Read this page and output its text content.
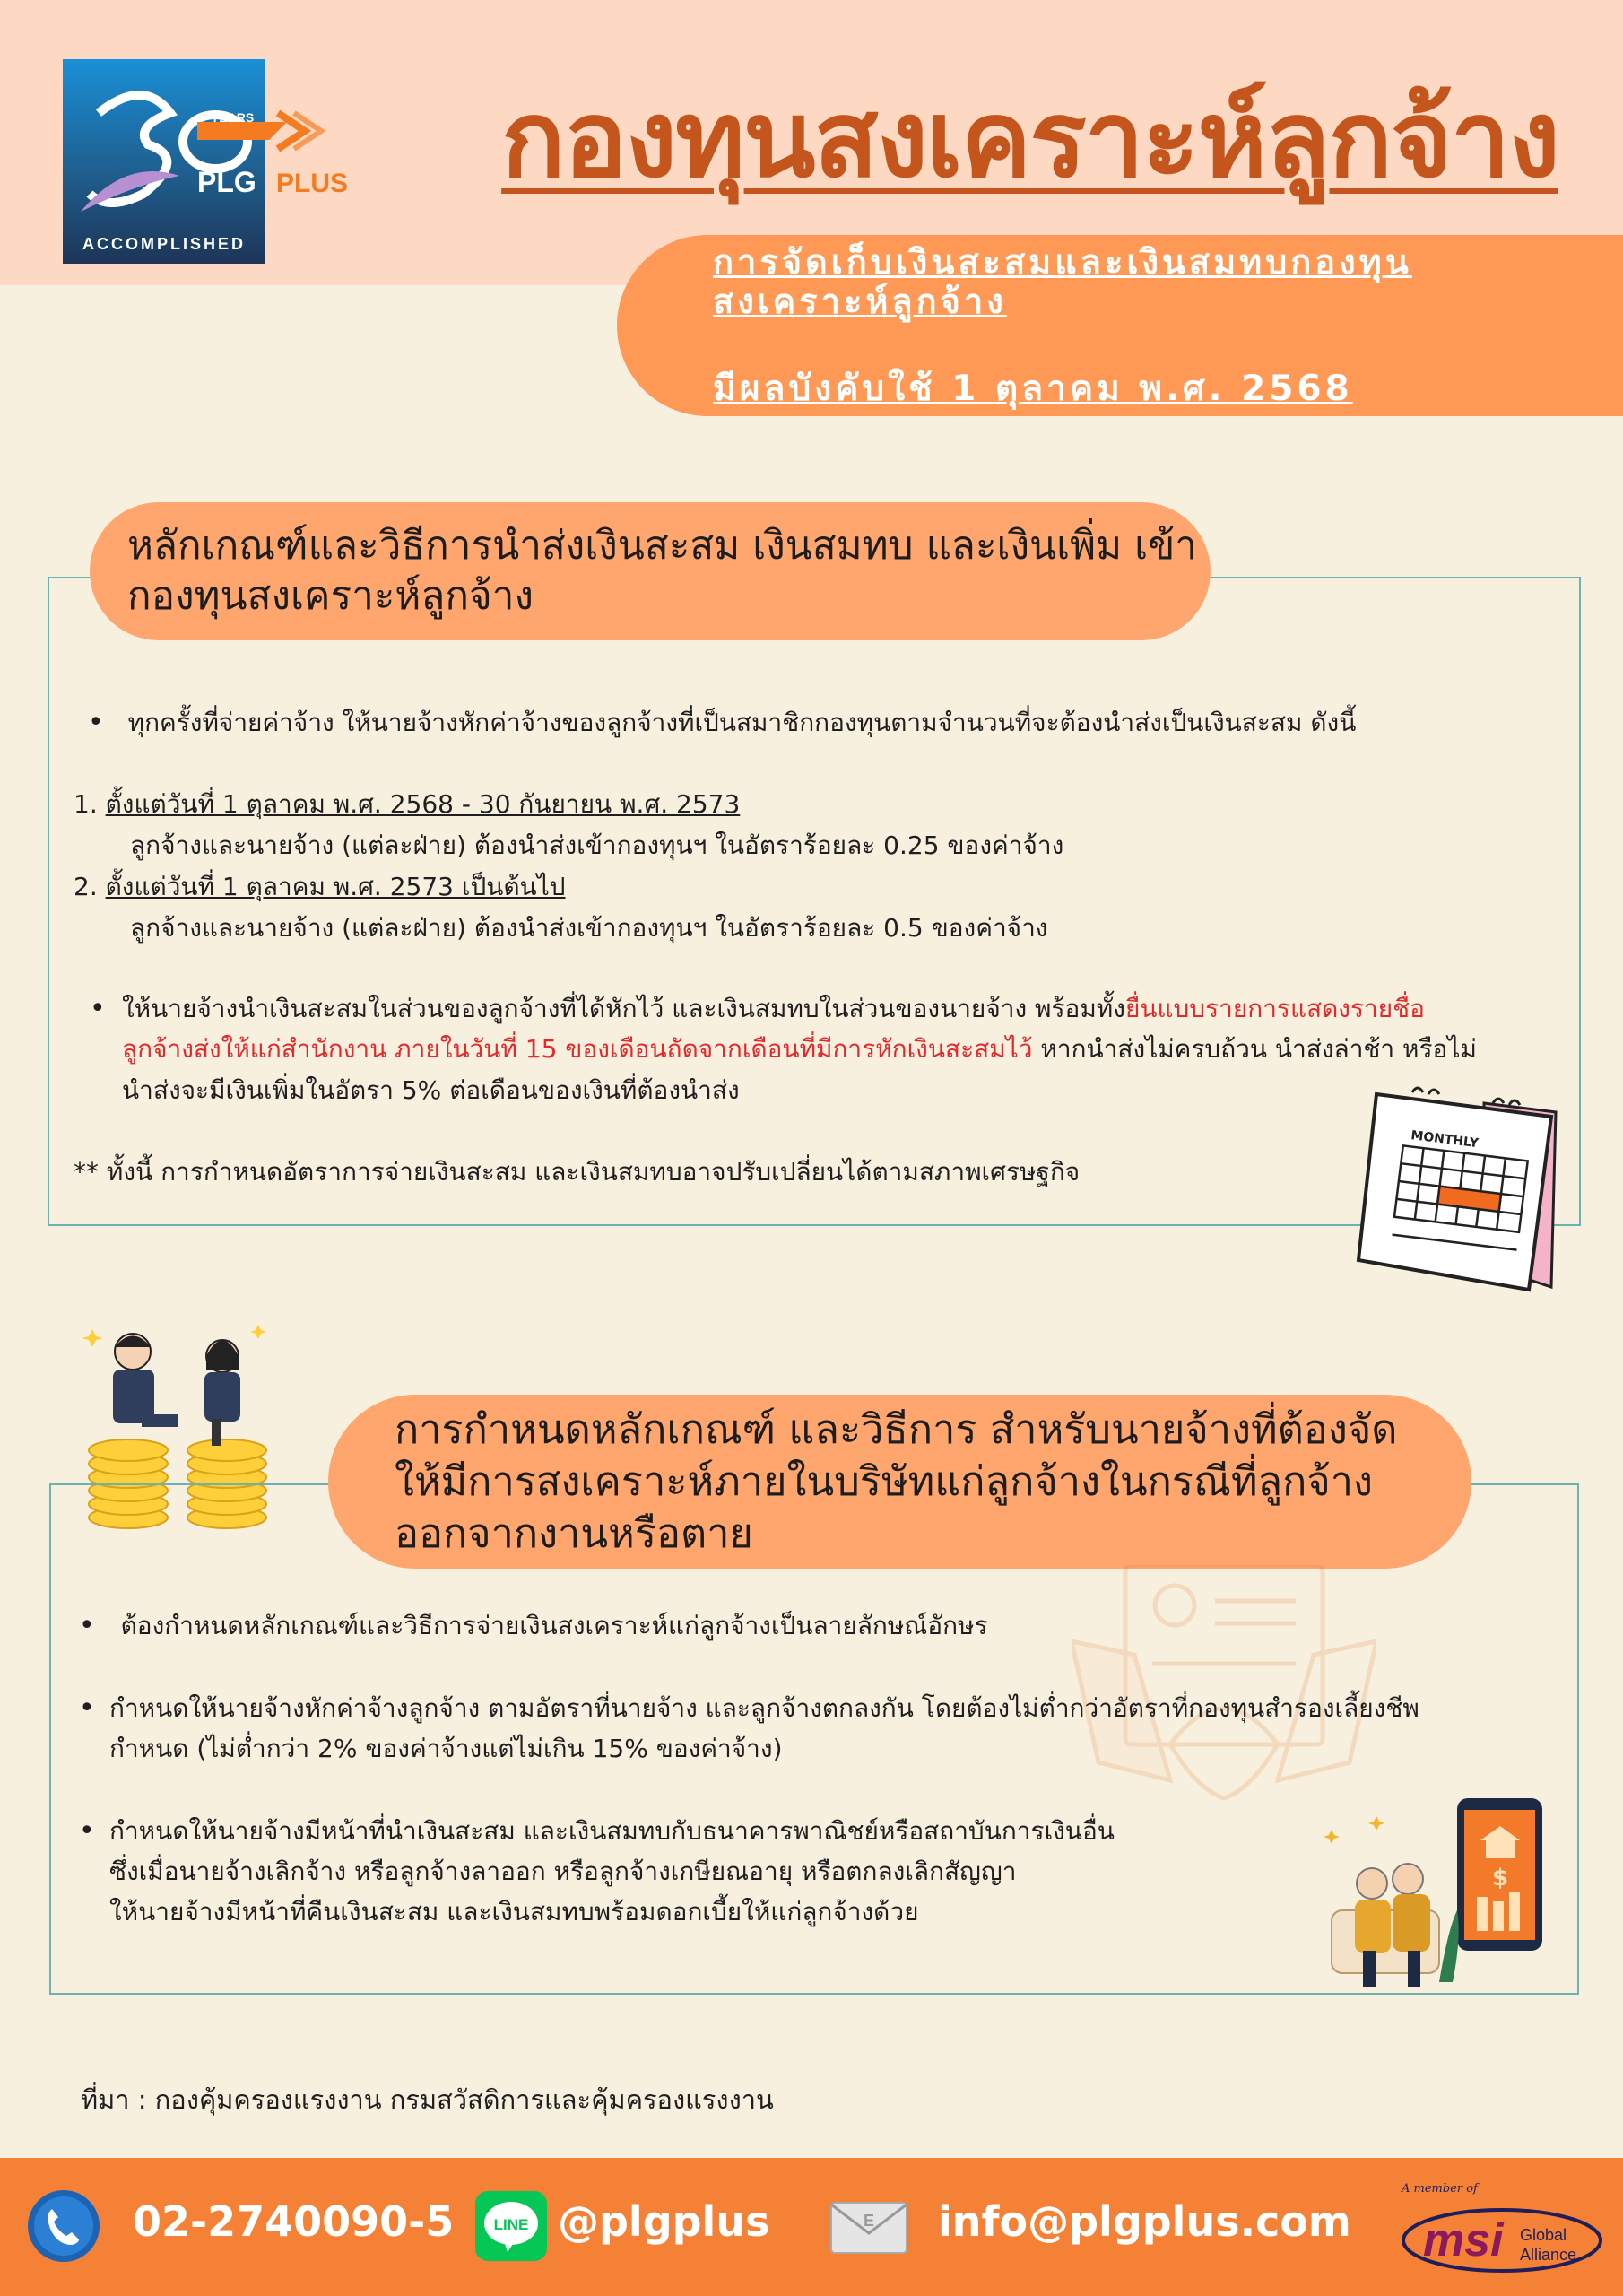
YEARS
PLG PLUS
ACCOMPLISHED
กองทุนสงเคราะห์ลูกจ้าง
การจัดเก็บเงินสะสมและเงินสมทบกองทุน สงเคราะห์ลูกจ้าง
มีผลบังคับใช้ 1 ตุลาคม พ.ศ. 2568
หลักเกณฑ์และวิธีการนำส่งเงินสะสม เงินสมทบ และเงินเพิ่ม เข้ากองทุนสงเคราะห์ลูกจ้าง
• ทุกครั้งที่จ่ายค่าจ้าง ให้นายจ้างหักค่าจ้างของลูกจ้างที่เป็นสมาชิกกองทุนตามจำนวนที่จะต้องนำส่งเป็นเงินสะสม ดังนี้
1. ตั้งแต่วันที่ 1 ตุลาคม พ.ศ. 2568 - 30 กันยายน พ.ศ. 2573
ลูกจ้างและนายจ้าง (แต่ละฝ่าย) ต้องนำส่งเข้ากองทุนฯ ในอัตราร้อยละ 0.25 ของค่าจ้าง
2. ตั้งแต่วันที่ 1 ตุลาคม พ.ศ. 2573 เป็นต้นไป
ลูกจ้างและนายจ้าง (แต่ละฝ่าย) ต้องนำส่งเข้ากองทุนฯ ในอัตราร้อยละ 0.5 ของค่าจ้าง
• ให้นายจ้างนำเงินสะสมในส่วนของลูกจ้างที่ได้หักไว้ และเงินสมทบในส่วนของนายจ้าง พร้อมทั้งยื่นแบบรายการแสดงรายชื่อ
ลูกจ้างส่งให้แก่สำนักงาน ภายในวันที่ 15 ของเดือนถัดจากเดือนที่มีการหักเงินสะสมไว้ หากนำส่งไม่ครบถ้วน นำส่งล่าช้า หรือไม่
นำส่งจะมีเงินเพิ่มในอัตรา 5% ต่อเดือนของเงินที่ต้องนำส่ง
** ทั้งนี้ การกำหนดอัตราการจ่ายเงินสะสม และเงินสมทบอาจปรับเปลี่ยนได้ตามสภาพเศรษฐกิจ
MONTHLY
การกำหนดหลักเกณฑ์ และวิธีการ สำหรับนายจ้างที่ต้องจัด
ให้มีการสงเคราะห์ภายในบริษัทแก่ลูกจ้างในกรณีที่ลูกจ้าง
ออกจากงานหรือตาย
• ต้องกำหนดหลักเกณฑ์และวิธีการจ่ายเงินสงเคราะห์แก่ลูกจ้างเป็นลายลักษณ์อักษร
• กำหนดให้นายจ้างหักค่าจ้างลูกจ้าง ตามอัตราที่นายจ้าง และลูกจ้างตกลงกัน โดยต้องไม่ต่ำกว่าอัตราที่กองทุนสำรองเลี้ยงชีพ
กำหนด (ไม่ต่ำกว่า 2% ของค่าจ้างแต่ไม่เกิน 15% ของค่าจ้าง)
• กำหนดให้นายจ้างมีหน้าที่นำเงินสะสม และเงินสมทบกับธนาคารพาณิชย์หรือสถาบันการเงินอื่น
ซึ่งเมื่อนายจ้างเลิกจ้าง หรือลูกจ้างลาออก หรือลูกจ้างเกษียณอายุ หรือตกลงเลิกสัญญา
ให้นายจ้างมีหน้าที่คืนเงินสะสม และเงินสมทบพร้อมดอกเบี้ยให้แก่ลูกจ้างด้วย
$
ที่มา : กองคุ้มครองแรงงาน กรมสวัสดิการและคุ้มครองแรงงาน
02-2740090-5	LINE @plgplus	E info@plgplus.com
A member of
msi Global
Alliance
